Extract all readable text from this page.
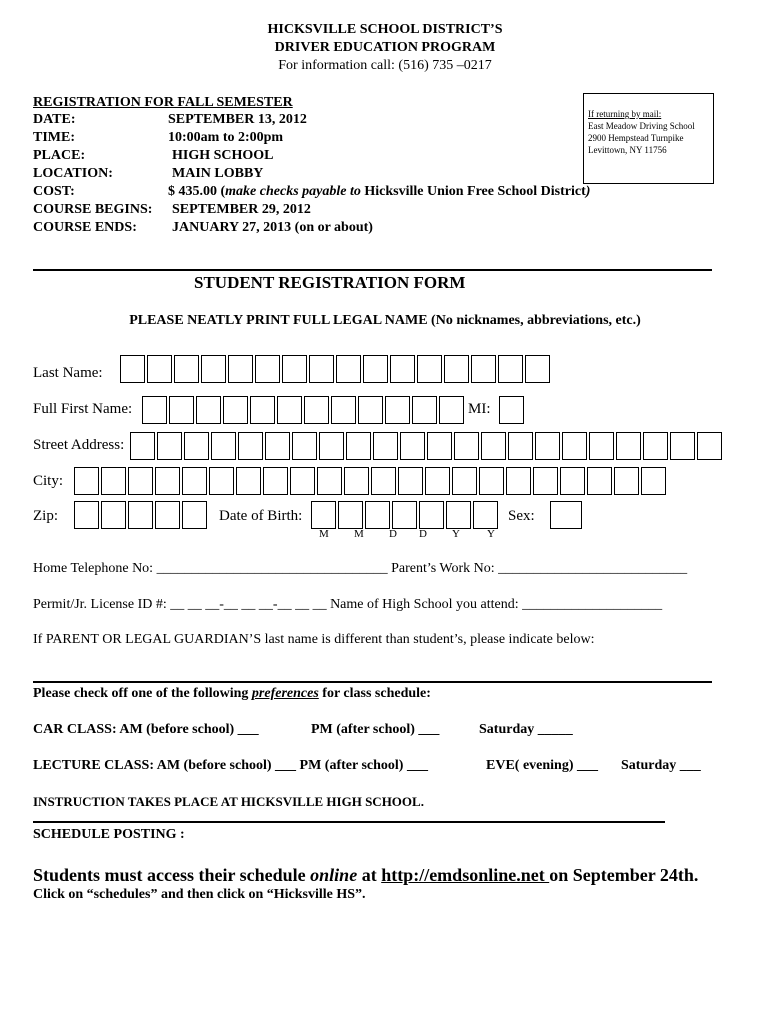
HICKSVILLE SCHOOL DISTRICT’S
DRIVER EDUCATION PROGRAM
For information call: (516) 735 –0217
If returning by mail:
East Meadow Driving School
2900 Hempstead Turnpike
Levittown, NY 11756
REGISTRATION FOR FALL SEMESTER
DATE:	SEPTEMBER 13, 2012
TIME:	10:00am to 2:00pm
PLACE:	HIGH SCHOOL
LOCATION:	MAIN LOBBY
COST:	$ 435.00 (make checks payable to Hicksville Union Free School District)
COURSE BEGINS: SEPTEMBER 29, 2012
COURSE ENDS:	JANUARY 27, 2013 (on or about)
STUDENT REGISTRATION FORM
PLEASE NEATLY PRINT FULL LEGAL NAME (No nicknames, abbreviations, etc.)
Last Name:
Full First Name:	MI:
Street Address:
City:
Zip:	Date of Birth:	Sex:
M M D D Y Y
Home Telephone No: _________________________________ Parent’s Work No: ___________________________
Permit/Jr. License ID #: __ __ __-__ __ __-__ __ __ Name of High School you attend: ____________________
If PARENT OR LEGAL GUARDIAN’S last name is different than student’s, please indicate below:
Please check off one of the following preferences for class schedule:
CAR CLASS: AM (before school) ___	PM (after school) ___	Saturday _____
LECTURE CLASS: AM (before school) ___ PM (after school) ___	EVE( evening) ___ Saturday ___
INSTRUCTION TAKES PLACE AT HICKSVILLE HIGH SCHOOL.
SCHEDULE POSTING :
Students must access their schedule online at http://emdsonline.net on September 24th.
Click on “schedules” and then click on “Hicksville HS”.
